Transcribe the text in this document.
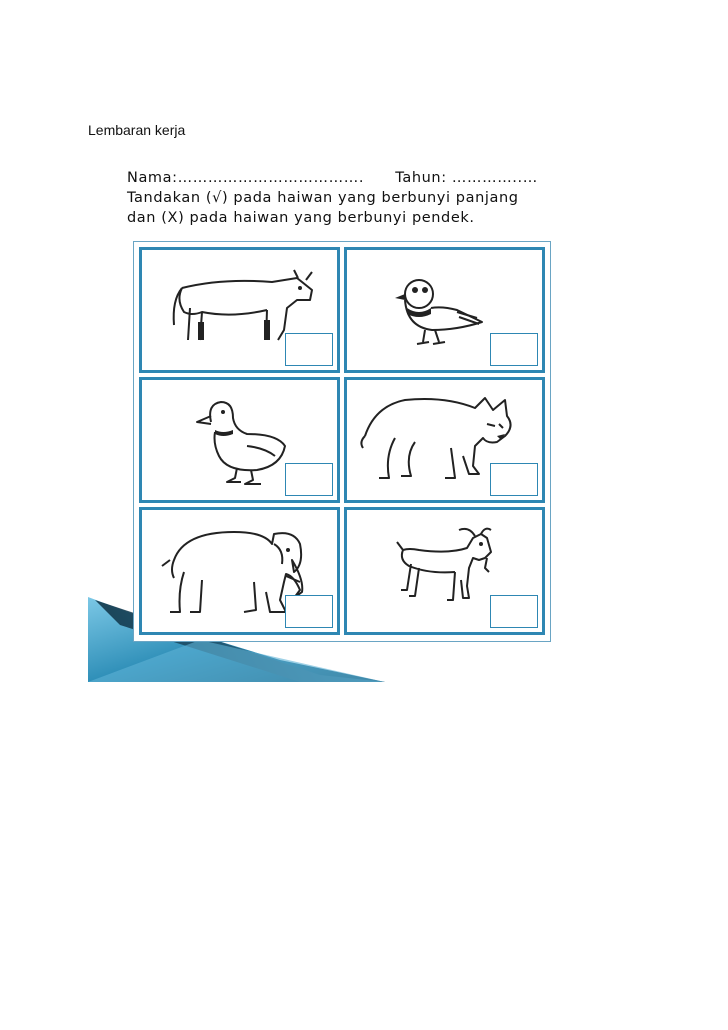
Lembaran kerja
Nama:……………………………….      Tahun: …………..…
Tandakan (√) pada haiwan yang berbunyi panjang
dan (X) pada haiwan yang berbunyi pendek.
